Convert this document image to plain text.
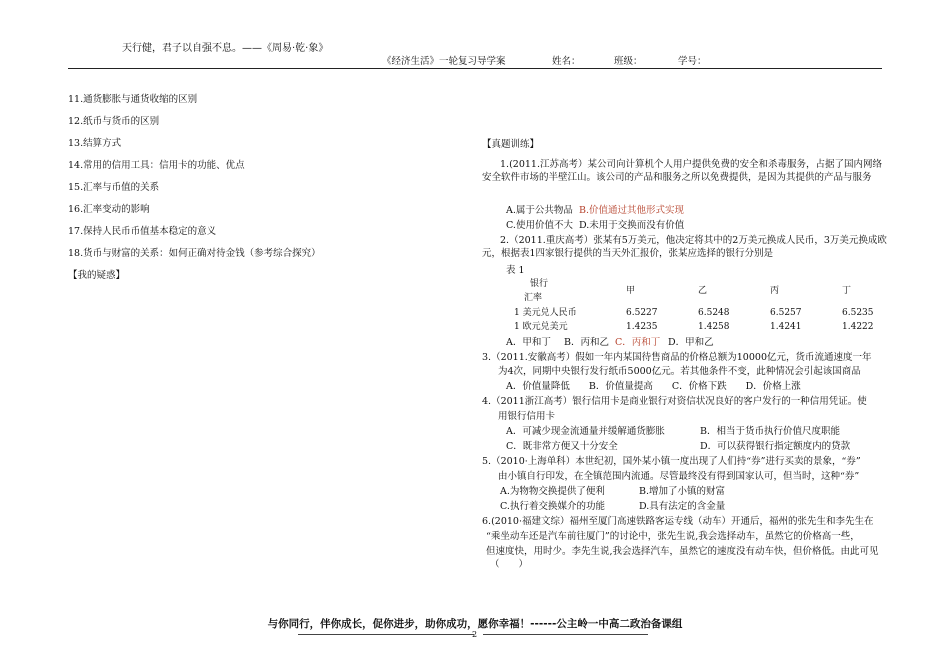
天行健，君子以自强不息。——《周易·乾·象》
《经济生活》一轮复习导学案	姓名：	班级：	学号：
11.通货膨胀与通货收缩的区别
12.纸币与货币的区别
13.结算方式
14.常用的信用工具：信用卡的功能、优点
15.汇率与币值的关系
16.汇率变动的影响
17.保持人民币币值基本稳定的意义
18.货币与财富的关系：如何正确对待金钱（参考综合探究）
【我的疑惑】
【真题训练】
1.(2011.江苏高考）某公司向计算机个人用户提供免费的安全和杀毒服务，占据了国内网络安全软件市场的半壁江山。该公司的产品和服务之所以免费提供，是因为其提供的产品与服务
A.属于公共物品 B.价值通过其他形式实现
C.使用价值不大 D.未用于交换而没有价值
2.（2011.重庆高考）张某有5万美元，他决定将其中的2万美元换成人民币，3万美元换成欧元，根据表1四家银行提供的当天外汇报价，张某应选择的银行分别是
表 1
银行
汇率
甲	乙	丙	丁
1 美元兑人民币	6.5227	6.5248	6.5257	6.5235
1 欧元兑美元	1.4235	1.4258	1.4241	1.4222
A．甲和丁 B．丙和乙 C．丙和丁 D．甲和乙
3.（2011.安徽高考）假如一年内某国待售商品的价格总额为10000亿元，货币流通速度一年
为4次，同期中央银行发行纸币5000亿元。若其他条件不变，此种情况会引起该国商品
A．价值量降低　　B．价值量提高　　C．价格下跌　　D．价格上涨
4.（2011浙江高考）银行信用卡是商业银行对资信状况良好的客户发行的一种信用凭证。使
用银行信用卡
A．可减少现金流通量并缓解通货膨胀	B．相当于货币执行价值尺度职能
C．既非常方便又十分安全	D．可以获得银行指定额度内的贷款
5.（2010·上海单科）本世纪初，国外某小镇一度出现了人们持“券”进行买卖的景象，“券”
由小镇自行印发，在全镇范围内流通。尽管最终没有得到国家认可，但当时，这种“券”
A.为物物交换提供了便利	B.增加了小镇的财富
C.执行着交换媒介的功能	D.具有法定的含金量
6.(2010·福建文综）福州至厦门高速铁路客运专线（动车）开通后，福州的张先生和李先生在
“乘坐动车还是汽车前往厦门”的讨论中，张先生说,我会选择动车，虽然它的价格高一些，
但速度快，用时少。李先生说,我会选择汽车，虽然它的速度没有动车快，但价格低。由此可见
（　　）
与你同行，伴你成长，促你进步，助你成功，愿你幸福！------公主岭一中高二政治备课组
2
